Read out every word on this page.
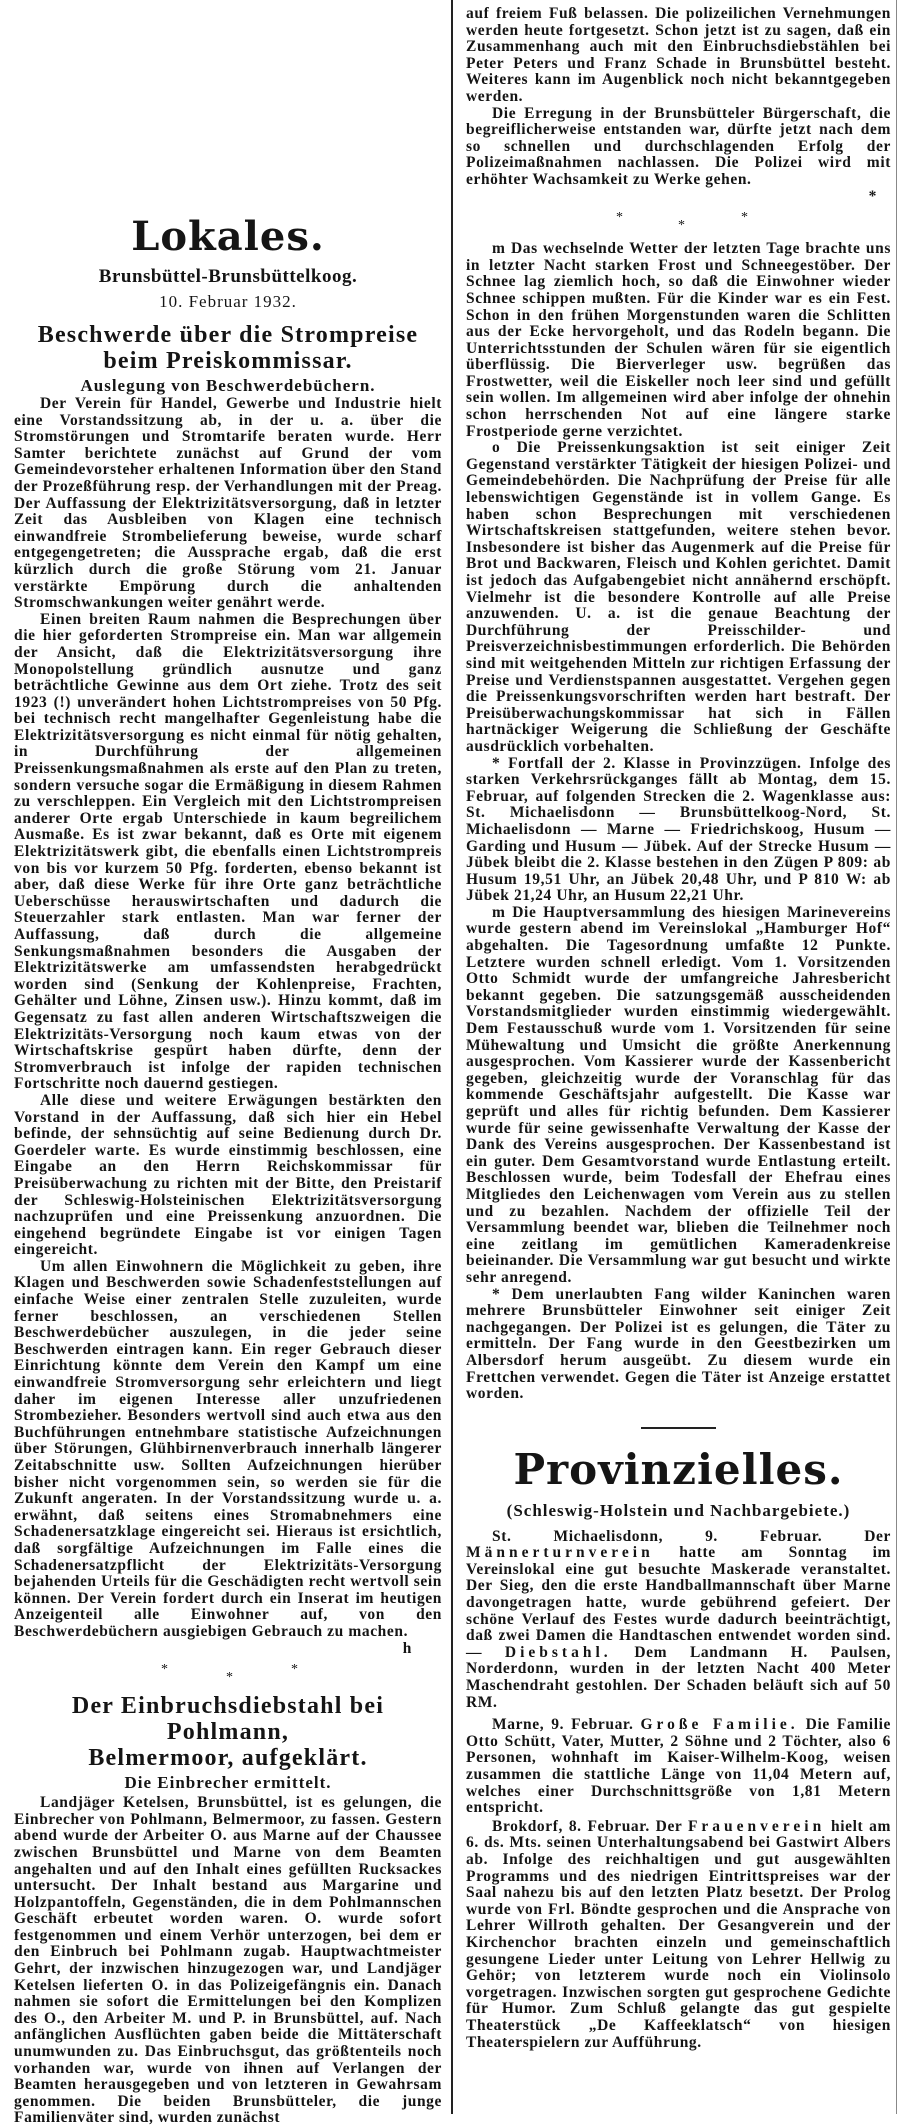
Lokales.
Brunsbüttel-Brunsbüttelkoog.
10. Februar 1932.
Beschwerde über die Strompreise
beim Preiskommissar.
Auslegung von Beschwerdebüchern.

Der Verein für Handel, Gewerbe und Industrie hielt eine Vorstandssitzung ab, in der u. a. über die Stromstörungen und Stromtarife beraten wurde. Herr Samter berichtete zunächst auf Grund der vom Gemeindevorsteher erhaltenen Information über den Stand der Prozeßführung resp. der Verhandlungen mit der Preag. Der Auffassung der Elektrizitätsversorgung, daß in letzter Zeit das Ausbleiben von Klagen eine technisch einwandfreie Strombelieferung beweise, wurde scharf entgegengetreten; die Aussprache ergab, daß die erst kürzlich durch die große Störung vom 21. Januar verstärkte Empörung durch die anhaltenden Stromschwankungen weiter genährt werde.

Einen breiten Raum nahmen die Besprechungen über die hier geforderten Strompreise ein. Man war allgemein der Ansicht, daß die Elektrizitätsversorgung ihre Monopolstellung gründlich ausnutze und ganz beträchtliche Gewinne aus dem Ort ziehe. Trotz des seit 1923 (!) unverändert hohen Lichtstrompreises von 50 Pfg. bei technisch recht mangelhafter Gegenleistung habe die Elektrizitätsversorgung es nicht einmal für nötig gehalten, in Durchführung der allgemeinen Preissenkungsmaßnahmen als erste auf den Plan zu treten, sondern versuche sogar die Ermäßigung in diesem Rahmen zu verschleppen. Ein Vergleich mit den Lichtstrompreisen anderer Orte ergab Unterschiede in kaum begreilichem Ausmaße. Es ist zwar bekannt, daß es Orte mit eigenem Elektrizitätswerk gibt, die ebenfalls einen Lichtstrompreis von bis vor kurzem 50 Pfg. forderten, ebenso bekannt ist aber, daß diese Werke für ihre Orte ganz beträchtliche Ueberschüsse herauswirtschaften und dadurch die Steuerzahler stark entlasten. Man war ferner der Auffassung, daß durch die allgemeine Senkungsmaßnahmen besonders die Ausgaben der Elektrizitätswerke am umfassendsten herabgedrückt worden sind (Senkung der Kohlenpreise, Frachten, Gehälter und Löhne, Zinsen usw.). Hinzu kommt, daß im Gegensatz zu fast allen anderen Wirtschaftszweigen die Elektrizitäts-Versorgung noch kaum etwas von der Wirtschaftskrise gespürt haben dürfte, denn der Stromverbrauch ist infolge der rapiden technischen Fortschritte noch dauernd gestiegen.

Alle diese und weitere Erwägungen bestärkten den Vorstand in der Auffassung, daß sich hier ein Hebel befinde, der sehnsüchtig auf seine Bedienung durch Dr. Goerdeler warte. Es wurde einstimmig beschlossen, eine Eingabe an den Herrn Reichskommissar für Preisüberwachung zu richten mit der Bitte, den Preistarif der Schleswig-Holsteinischen Elektrizitätsversorgung nachzuprüfen und eine Preissenkung anzuordnen. Die eingehend begründete Eingabe ist vor einigen Tagen eingereicht.

Um allen Einwohnern die Möglichkeit zu geben, ihre Klagen und Beschwerden sowie Schadenfeststellungen auf einfache Weise einer zentralen Stelle zuzuleiten, wurde ferner beschlossen, an verschiedenen Stellen Beschwerdebücher auszulegen, in die jeder seine Beschwerden eintragen kann. Ein reger Gebrauch dieser Einrichtung könnte dem Verein den Kampf um eine einwandfreie Stromversorgung sehr erleichtern und liegt daher im eigenen Interesse aller unzufriedenen Strombezieher. Besonders wertvoll sind auch etwa aus den Buchführungen entnehmbare statistische Aufzeichnungen über Störungen, Glühbirnenverbrauch innerhalb längerer Zeitabschnitte usw. Sollten Aufzeichnungen hierüber bisher nicht vorgenommen sein, so werden sie für die Zukunft angeraten. In der Vorstandssitzung wurde u. a. erwähnt, daß seitens eines Stromabnehmers eine Schadenersatzklage eingereicht sei. Hieraus ist ersichtlich, daß sorgfältige Aufzeichnungen im Falle eines die Schadenersatzpflicht der Elektrizitäts-Versorgung bejahenden Urteils für die Geschädigten recht wertvoll sein können. Der Verein fordert durch ein Inserat im heutigen Anzeigenteil alle Einwohner auf, von den Beschwerdebüchern ausgiebigen Gebrauch zu machen.

h
*
*
*
Der Einbruchsdiebstahl bei Pohlmann,
Belmermoor, aufgeklärt.
Die Einbrecher ermittelt.

Landjäger Ketelsen, Brunsbüttel, ist es gelungen, die Einbrecher von Pohlmann, Belmermoor, zu fassen. Gestern abend wurde der Arbeiter O. aus Marne auf der Chaussee zwischen Brunsbüttel und Marne von dem Beamten angehalten und auf den Inhalt eines gefüllten Rucksackes untersucht. Der Inhalt bestand aus Margarine und Holzpantoffeln, Gegenständen, die in dem Pohlmannschen Geschäft erbeutet worden waren. O. wurde sofort festgenommen und einem Verhör unterzogen, bei dem er den Einbruch bei Pohlmann zugab. Hauptwachtmeister Gehrt, der inzwischen hinzugezogen war, und Landjäger Ketelsen lieferten O. in das Polizeigefängnis ein. Danach nahmen sie sofort die Ermittelungen bei den Komplizen des O., den Arbeiter M. und P. in Brunsbüttel, auf. Nach anfänglichen Ausflüchten gaben beide die Mittäterschaft unumwunden zu. Das Einbruchsgut, das größtenteils noch vorhanden war, wurde von ihnen auf Verlangen der Beamten herausgegeben und von letzteren in Gewahrsam genommen. Die beiden Brunsbütteler, die junge Familienväter sind, wurden zunächst

auf freiem Fuß belassen. Die polizeilichen Vernehmungen werden heute fortgesetzt. Schon jetzt ist zu sagen, daß ein Zusammenhang auch mit den Einbruchsdiebstählen bei Peter Peters und Franz Schade in Brunsbüttel besteht. Weiteres kann im Augenblick noch nicht bekanntgegeben werden.

Die Erregung in der Brunsbütteler Bürgerschaft, die begreiflicherweise entstanden war, dürfte jetzt nach dem so schnellen und durchschlagenden Erfolg der Polizeimaßnahmen nachlassen. Die Polizei wird mit erhöhter Wachsamkeit zu Werke gehen.

*
*
*
*

m Das wechselnde Wetter der letzten Tage brachte uns in letzter Nacht starken Frost und Schneegestöber. Der Schnee lag ziemlich hoch, so daß die Einwohner wieder Schnee schippen mußten. Für die Kinder war es ein Fest. Schon in den frühen Morgenstunden waren die Schlitten aus der Ecke hervorgeholt, und das Rodeln begann. Die Unterrichtsstunden der Schulen wären für sie eigentlich überflüssig. Die Bierverleger usw. begrüßen das Frostwetter, weil die Eiskeller noch leer sind und gefüllt sein wollen. Im allgemeinen wird aber infolge der ohnehin schon herrschenden Not auf eine längere starke Frostperiode gerne verzichtet.

o Die Preissenkungsaktion ist seit einiger Zeit Gegenstand verstärkter Tätigkeit der hiesigen Polizei- und Gemeindebehörden. Die Nachprüfung der Preise für alle lebenswichtigen Gegenstände ist in vollem Gange. Es haben schon Besprechungen mit verschiedenen Wirtschaftskreisen stattgefunden, weitere stehen bevor. Insbesondere ist bisher das Augenmerk auf die Preise für Brot und Backwaren, Fleisch und Kohlen gerichtet. Damit ist jedoch das Aufgabengebiet nicht annähernd erschöpft. Vielmehr ist die besondere Kontrolle auf alle Preise anzuwenden. U. a. ist die genaue Beachtung der Durchführung der Preisschilder- und Preisverzeichnisbestimmungen erforderlich. Die Behörden sind mit weitgehenden Mitteln zur richtigen Erfassung der Preise und Verdienstspannen ausgestattet. Vergehen gegen die Preissenkungsvorschriften werden hart bestraft. Der Preisüberwachungskommissar hat sich in Fällen hartnäckiger Weigerung die Schließung der Geschäfte ausdrücklich vorbehalten.

* Fortfall der 2. Klasse in Provinzzügen. Infolge des starken Verkehrsrückganges fällt ab Montag, dem 15. Februar, auf folgenden Strecken die 2. Wagenklasse aus: St. Michaelisdonn — Brunsbüttelkoog-Nord, St. Michaelisdonn — Marne — Friedrichskoog, Husum — Garding und Husum — Jübek. Auf der Strecke Husum — Jübek bleibt die 2. Klasse bestehen in den Zügen P 809: ab Husum 19,51 Uhr, an Jübek 20,48 Uhr, und P 810 W: ab Jübek 21,24 Uhr, an Husum 22,21 Uhr.

m Die Hauptversammlung des hiesigen Marinevereins wurde gestern abend im Vereinslokal „Hamburger Hof“ abgehalten. Die Tagesordnung umfaßte 12 Punkte. Letztere wurden schnell erledigt. Vom 1. Vorsitzenden Otto Schmidt wurde der umfangreiche Jahresbericht bekannt gegeben. Die satzungsgemäß ausscheidenden Vorstandsmitglieder wurden einstimmig wiedergewählt. Dem Festausschuß wurde vom 1. Vorsitzenden für seine Mühewaltung und Umsicht die größte Anerkennung ausgesprochen. Vom Kassierer wurde der Kassenbericht gegeben, gleichzeitig wurde der Voranschlag für das kommende Geschäftsjahr aufgestellt. Die Kasse war geprüft und alles für richtig befunden. Dem Kassierer wurde für seine gewissenhafte Verwaltung der Kasse der Dank des Vereins ausgesprochen. Der Kassenbestand ist ein guter. Dem Gesamtvorstand wurde Entlastung erteilt. Beschlossen wurde, beim Todesfall der Ehefrau eines Mitgliedes den Leichenwagen vom Verein aus zu stellen und zu bezahlen. Nachdem der offizielle Teil der Versammlung beendet war, blieben die Teilnehmer noch eine zeitlang im gemütlichen Kameradenkreise beieinander. Die Versammlung war gut besucht und wirkte sehr anregend.

* Dem unerlaubten Fang wilder Kaninchen waren mehrere Brunsbütteler Einwohner seit einiger Zeit nachgegangen. Der Polizei ist es gelungen, die Täter zu ermitteln. Der Fang wurde in den Geestbezirken um Albersdorf herum ausgeübt. Zu diesem wurde ein Frettchen verwendet. Gegen die Täter ist Anzeige erstattet worden.

Provinzielles.
(Schleswig-Holstein und Nachbargebiete.)

St. Michaelisdonn, 9. Februar. Der Männerturnverein hatte am Sonntag im Vereinslokal eine gut besuchte Maskerade veranstaltet. Der Sieg, den die erste Handballmannschaft über Marne davongetragen hatte, wurde gebührend gefeiert. Der schöne Verlauf des Festes wurde dadurch beeinträchtigt, daß zwei Damen die Handtaschen entwendet worden sind. — Diebstahl. Dem Landmann H. Paulsen, Norderdonn, wurden in der letzten Nacht 400 Meter Maschendraht gestohlen. Der Schaden beläuft sich auf 50 RM.

Marne, 9. Februar. Große Familie. Die Familie Otto Schütt, Vater, Mutter, 2 Söhne und 2 Töchter, also 6 Personen, wohnhaft im Kaiser-Wilhelm-Koog, weisen zusammen die stattliche Länge von 11,04 Metern auf, welches einer Durchschnittsgröße von 1,81 Metern entspricht.

Brokdorf, 8. Februar. Der Frauenverein hielt am 6. ds. Mts. seinen Unterhaltungsabend bei Gastwirt Albers ab. Infolge des reichhaltigen und gut ausgewählten Programms und des niedrigen Eintrittspreises war der Saal nahezu bis auf den letzten Platz besetzt. Der Prolog wurde von Frl. Böndte gesprochen und die Ansprache von Lehrer Willroth gehalten. Der Gesangverein und der Kirchenchor brachten einzeln und gemeinschaftlich gesungene Lieder unter Leitung von Lehrer Hellwig zu Gehör; von letzterem wurde noch ein Violinsolo vorgetragen. Inzwischen sorgten gut gesprochene Gedichte für Humor. Zum Schluß gelangte das gut gespielte Theaterstück „De Kaffeeklatsch“ von hiesigen Theaterspielern zur Aufführung.
